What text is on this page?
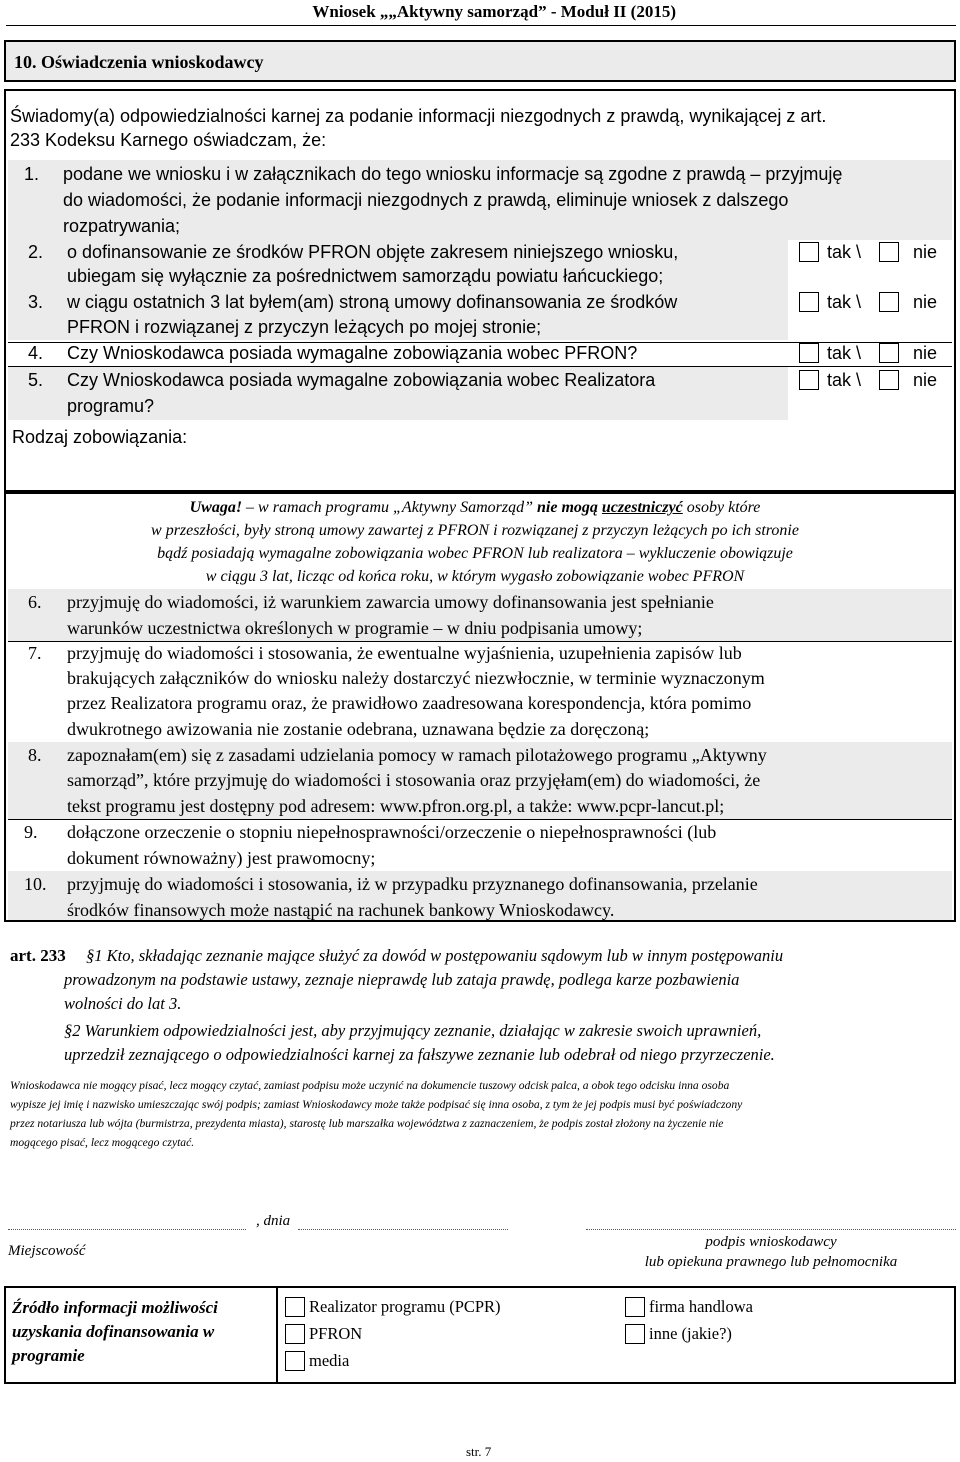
Wniosek „„Aktywny samorząd” - Moduł II (2015)
10. Oświadczenia wnioskodawcy
Świadomy(a) odpowiedzialności karnej za podanie informacji niezgodnych z prawdą, wynikającej z art.
233 Kodeksu Karnego oświadczam, że:
1. podane we wniosku i w załącznikach do tego wniosku informacje są zgodne z prawdą – przyjmuję
do wiadomości, że podanie informacji niezgodnych z prawdą, eliminuje wniosek z dalszego
rozpatrywania;
2. o dofinansowanie ze środków PFRON objęte zakresem niniejszego wniosku,
ubiegam się wyłącznie za pośrednictwem samorządu powiatu łańcuckiego;
tak \	nie
3. w ciągu ostatnich 3 lat byłem(am) stroną umowy dofinansowania ze środków
PFRON i rozwiązanej z przyczyn leżących po mojej stronie;
tak \	nie
4. Czy Wnioskodawca posiada wymagalne zobowiązania wobec PFRON?	tak \	nie
5. Czy Wnioskodawca posiada wymagalne zobowiązania wobec Realizatora
programu?
tak \	nie
Rodzaj zobowiązania:
Uwaga! – w ramach programu „Aktywny Samorząd” nie mogą uczestniczyć osoby które
w przeszłości, były stroną umowy zawartej z PFRON i rozwiązanej z przyczyn leżących po ich stronie
bądź posiadają wymagalne zobowiązania wobec PFRON lub realizatora – wykluczenie obowiązuje
w ciągu 3 lat, licząc od końca roku, w którym wygasło zobowiązanie wobec PFRON
6. przyjmuję do wiadomości, iż warunkiem zawarcia umowy dofinansowania jest spełnianie
warunków uczestnictwa określonych w programie – w dniu podpisania umowy;
7. przyjmuję do wiadomości i stosowania, że ewentualne wyjaśnienia, uzupełnienia zapisów lub
brakujących załączników do wniosku należy dostarczyć niezwłocznie, w terminie wyznaczonym
przez Realizatora programu oraz, że prawidłowo zaadresowana korespondencja, która pomimo
dwukrotnego awizowania nie zostanie odebrana, uznawana będzie za doręczoną;
8. zapoznałam(em) się z zasadami udzielania pomocy w ramach pilotażowego programu „Aktywny
samorząd”, które przyjmuję do wiadomości i stosowania oraz przyjęłam(em) do wiadomości, że
tekst programu jest dostępny pod adresem: www.pfron.org.pl, a także: www.pcpr-lancut.pl;
9. dołączone orzeczenie o stopniu niepełnosprawności/orzeczenie o niepełnosprawności (lub
dokument równoważny) jest prawomocny;
10. przyjmuję do wiadomości i stosowania, iż w przypadku przyznanego dofinansowania, przelanie
środków finansowych może nastąpić na rachunek bankowy Wnioskodawcy.
art. 233 §1 Kto, składając zeznanie mające służyć za dowód w postępowaniu sądowym lub w innym postępowaniu
prowadzonym na podstawie ustawy, zeznaje nieprawdę lub zataja prawdę, podlega karze pozbawienia
wolności do lat 3.
§2 Warunkiem odpowiedzialności jest, aby przyjmujący zeznanie, działając w zakresie swoich uprawnień,
uprzedził zeznającego o odpowiedzialności karnej za fałszywe zeznanie lub odebrał od niego przyrzeczenie.
Wnioskodawca nie mogący pisać, lecz mogący czytać, zamiast podpisu może uczynić na dokumencie tuszowy odcisk palca, a obok tego odcisku inna osoba
wypisze jej imię i nazwisko umieszczając swój podpis; zamiast Wnioskodawcy może także podpisać się inna osoba, z tym że jej podpis musi być poświadczony
przez notariusza lub wójta (burmistrza, prezydenta miasta), starostę lub marszałka województwa z zaznaczeniem, że podpis został złożony na życzenie nie
mogącego pisać, lecz mogącego czytać.
, dnia
Miejscowość
podpis wnioskodawcy
lub opiekuna prawnego lub pełnomocnika
Źródło informacji możliwości
uzyskania dofinansowania w
programie
Realizator programu (PCPR)
PFRON
media
firma handlowa
inne (jakie?)
str. 7
